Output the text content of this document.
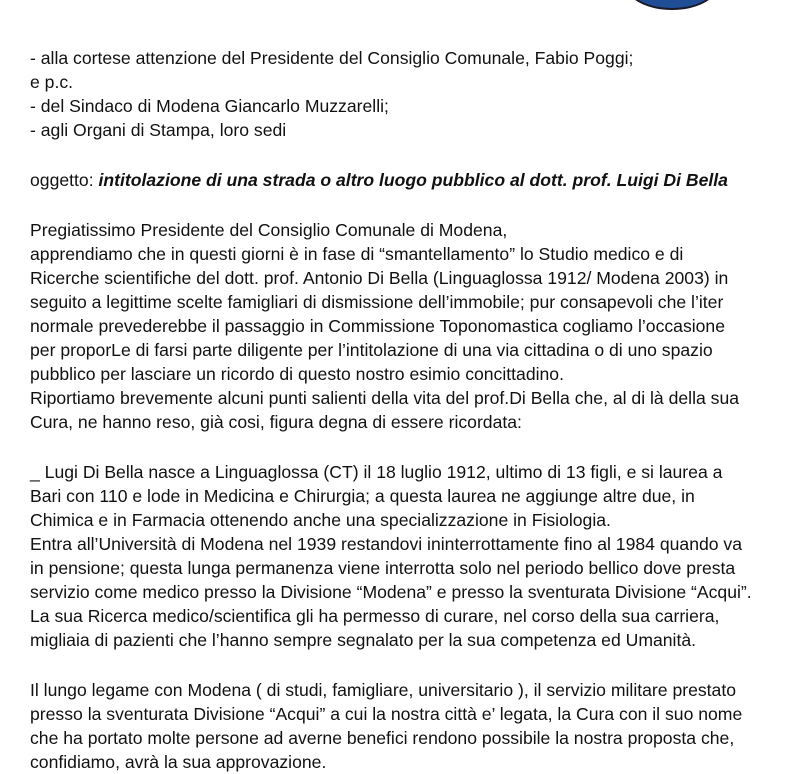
- alla cortese attenzione del Presidente del Consiglio Comunale, Fabio Poggi;
e p.c.
- del Sindaco di Modena Giancarlo Muzzarelli;
- agli Organi di Stampa, loro sedi
oggetto: intitolazione di una strada o altro luogo pubblico al dott. prof. Luigi Di Bella
Pregiatissimo Presidente del Consiglio Comunale di Modena,
apprendiamo che in questi giorni è in fase di “smantellamento” lo Studio medico e di
Ricerche scientifiche del dott. prof. Antonio Di Bella (Linguaglossa 1912/ Modena 2003) in
seguito a legittime scelte famigliari di dismissione dell’immobile; pur consapevoli che l’iter
normale prevederebbe il passaggio in Commissione Toponomastica cogliamo l’occasione
per proporLe di farsi parte diligente per l’intitolazione di una via cittadina o di uno spazio
pubblico per lasciare un ricordo di questo nostro esimio concittadino.
Riportiamo brevemente alcuni punti salienti della vita del prof.Di Bella che, al di là della sua
Cura, ne hanno reso, già cosi, figura degna di essere ricordata:
_ Lugi Di Bella nasce a Linguaglossa (CT) il 18 luglio 1912, ultimo di 13 figli, e si laurea a
Bari con 110 e lode in Medicina e Chirurgia; a questa laurea ne aggiunge altre due, in
Chimica e in Farmacia ottenendo anche una specializzazione in Fisiologia.
Entra all’Università di Modena nel 1939 restandovi ininterrottamente fino al 1984 quando va
in pensione; questa lunga permanenza viene interrotta solo nel periodo bellico dove presta
servizio come medico presso la Divisione “Modena” e presso la sventurata Divisione “Acqui”.
La sua Ricerca medico/scientifica gli ha permesso di curare, nel corso della sua carriera,
migliaia di pazienti che l’hanno sempre segnalato per la sua competenza ed Umanità.
Il lungo legame con Modena ( di studi, famigliare, universitario ), il servizio militare prestato
presso la sventurata Divisione “Acqui” a cui la nostra città e’ legata, la Cura con il suo nome
che ha portato molte persone ad averne benefici rendono possibile la nostra proposta che,
confidiamo, avrà la sua approvazione.
